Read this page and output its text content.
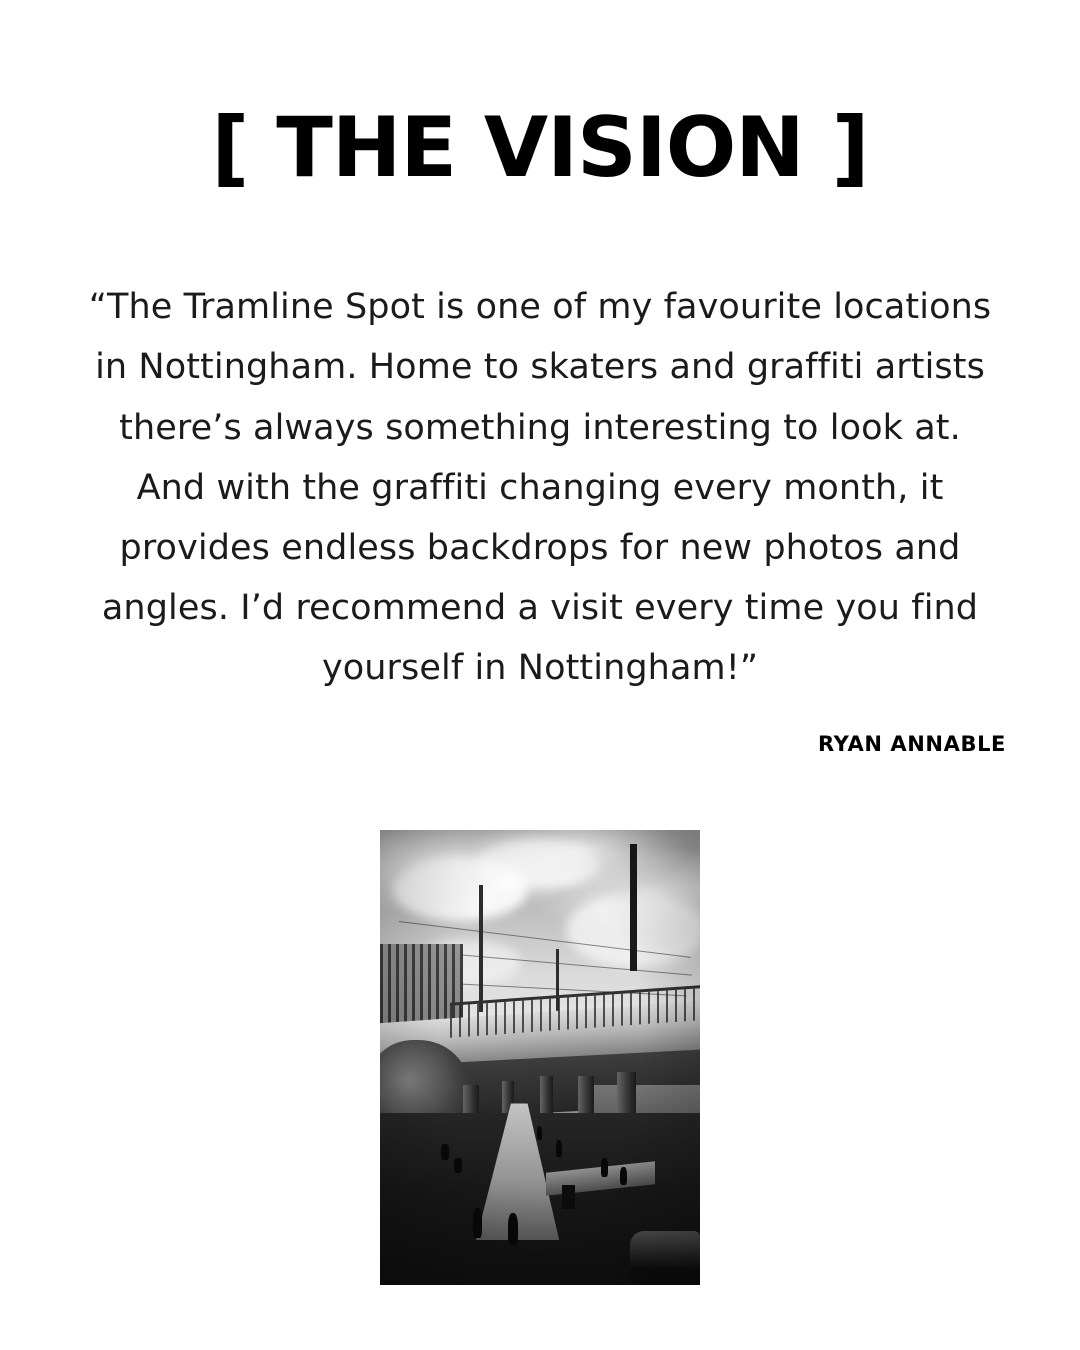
[ THE VISION ]

“The Tramline Spot is one of my favourite locations in Nottingham. Home to skaters and graffiti artists there’s always something interesting to look at. And with the graffiti changing every month, it provides endless backdrops for new photos and angles. I’d recommend a visit every time you find yourself in Nottingham!”

RYAN ANNABLE
